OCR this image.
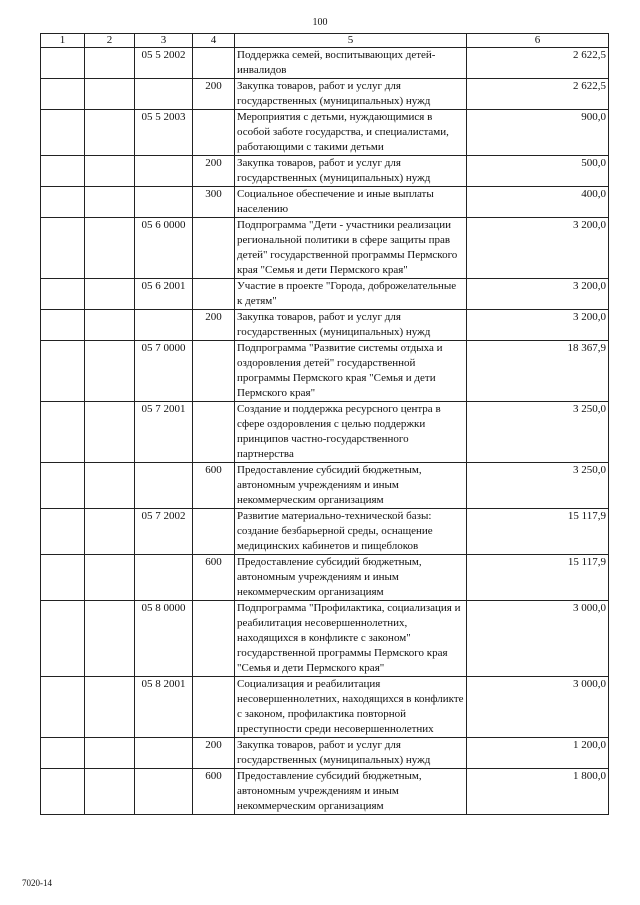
100
1	2	3	4	5	6
		05 5 2002		Поддержка семей, воспитывающих детей-инвалидов	2 622,5
			200	Закупка товаров, работ и услуг для государственных (муниципальных) нужд	2 622,5
		05 5 2003		Мероприятия с детьми, нуждающимися в особой заботе государства, и специалистами, работающими с такими детьми	900,0
			200	Закупка товаров, работ и услуг для государственных (муниципальных) нужд	500,0
			300	Социальное обеспечение и иные выплаты населению	400,0
		05 6 0000		Подпрограмма "Дети - участники реализации региональной политики в сфере защиты прав детей" государственной программы Пермского края "Семья и дети Пермского края"	3 200,0
		05 6 2001		Участие в проекте "Города, доброжелательные к детям"	3 200,0
			200	Закупка товаров, работ и услуг для государственных (муниципальных) нужд	3 200,0
		05 7 0000		Подпрограмма "Развитие системы отдыха и оздоровления детей" государственной программы Пермского края "Семья и дети Пермского края"	18 367,9
		05 7 2001		Создание и поддержка ресурсного центра в сфере оздоровления с целью поддержки принципов частно-государственного партнерства	3 250,0
			600	Предоставление субсидий бюджетным, автономным учреждениям и иным некоммерческим организациям	3 250,0
		05 7 2002		Развитие материально-технической базы: создание безбарьерной среды, оснащение медицинских кабинетов и пищеблоков	15 117,9
			600	Предоставление субсидий бюджетным, автономным учреждениям и иным некоммерческим организациям	15 117,9
		05 8 0000		Подпрограмма "Профилактика, социализация и реабилитация несовершеннолетних, находящихся в конфликте с законом" государственной программы Пермского края "Семья и дети Пермского края"	3 000,0
		05 8 2001		Социализация и реабилитация несовершеннолетних, находящихся в конфликте с законом, профилактика повторной преступности среди несовершеннолетних	3 000,0
			200	Закупка товаров, работ и услуг для государственных (муниципальных) нужд	1 200,0
			600	Предоставление субсидий бюджетным, автономным учреждениям и иным некоммерческим организациям	1 800,0
7020-14
